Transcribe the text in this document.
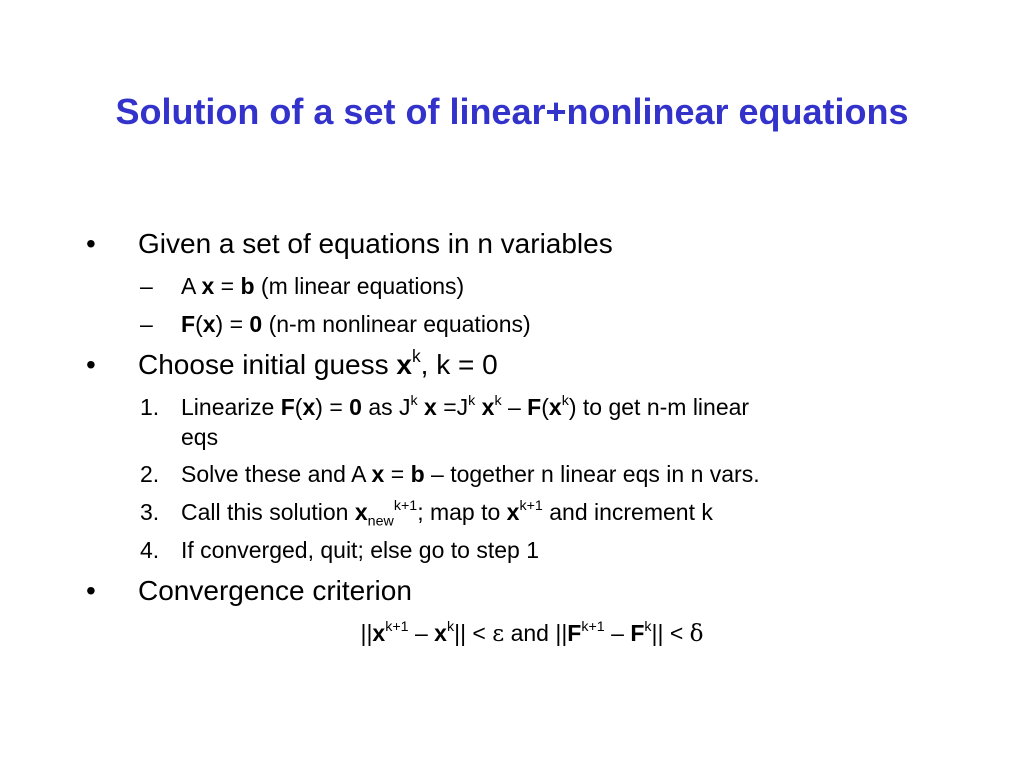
Solution of a set of linear+nonlinear equations
• Given a set of equations in n variables
– A x = b (m linear equations)
– F(x) = 0 (n-m nonlinear equations)
• Choose initial guess $x^k$, k = 0
1. Linearize F(x) = 0 as $J^k$ $x =J^k$ $x^k - F(x^k)$ to get n-m linear
eqs
2. Solve these and A x = b – together n linear eqs in n vars.
3. Call this solution $x_{new}^{k+1}$; map to $x^{k+1}$ and increment k
4. If converged, quit; else go to step 1
• Convergence criterion
$||x^{k+1} - x^k|| < \varepsilon$ and $||F^{k+1} - F^k|| < \delta$
